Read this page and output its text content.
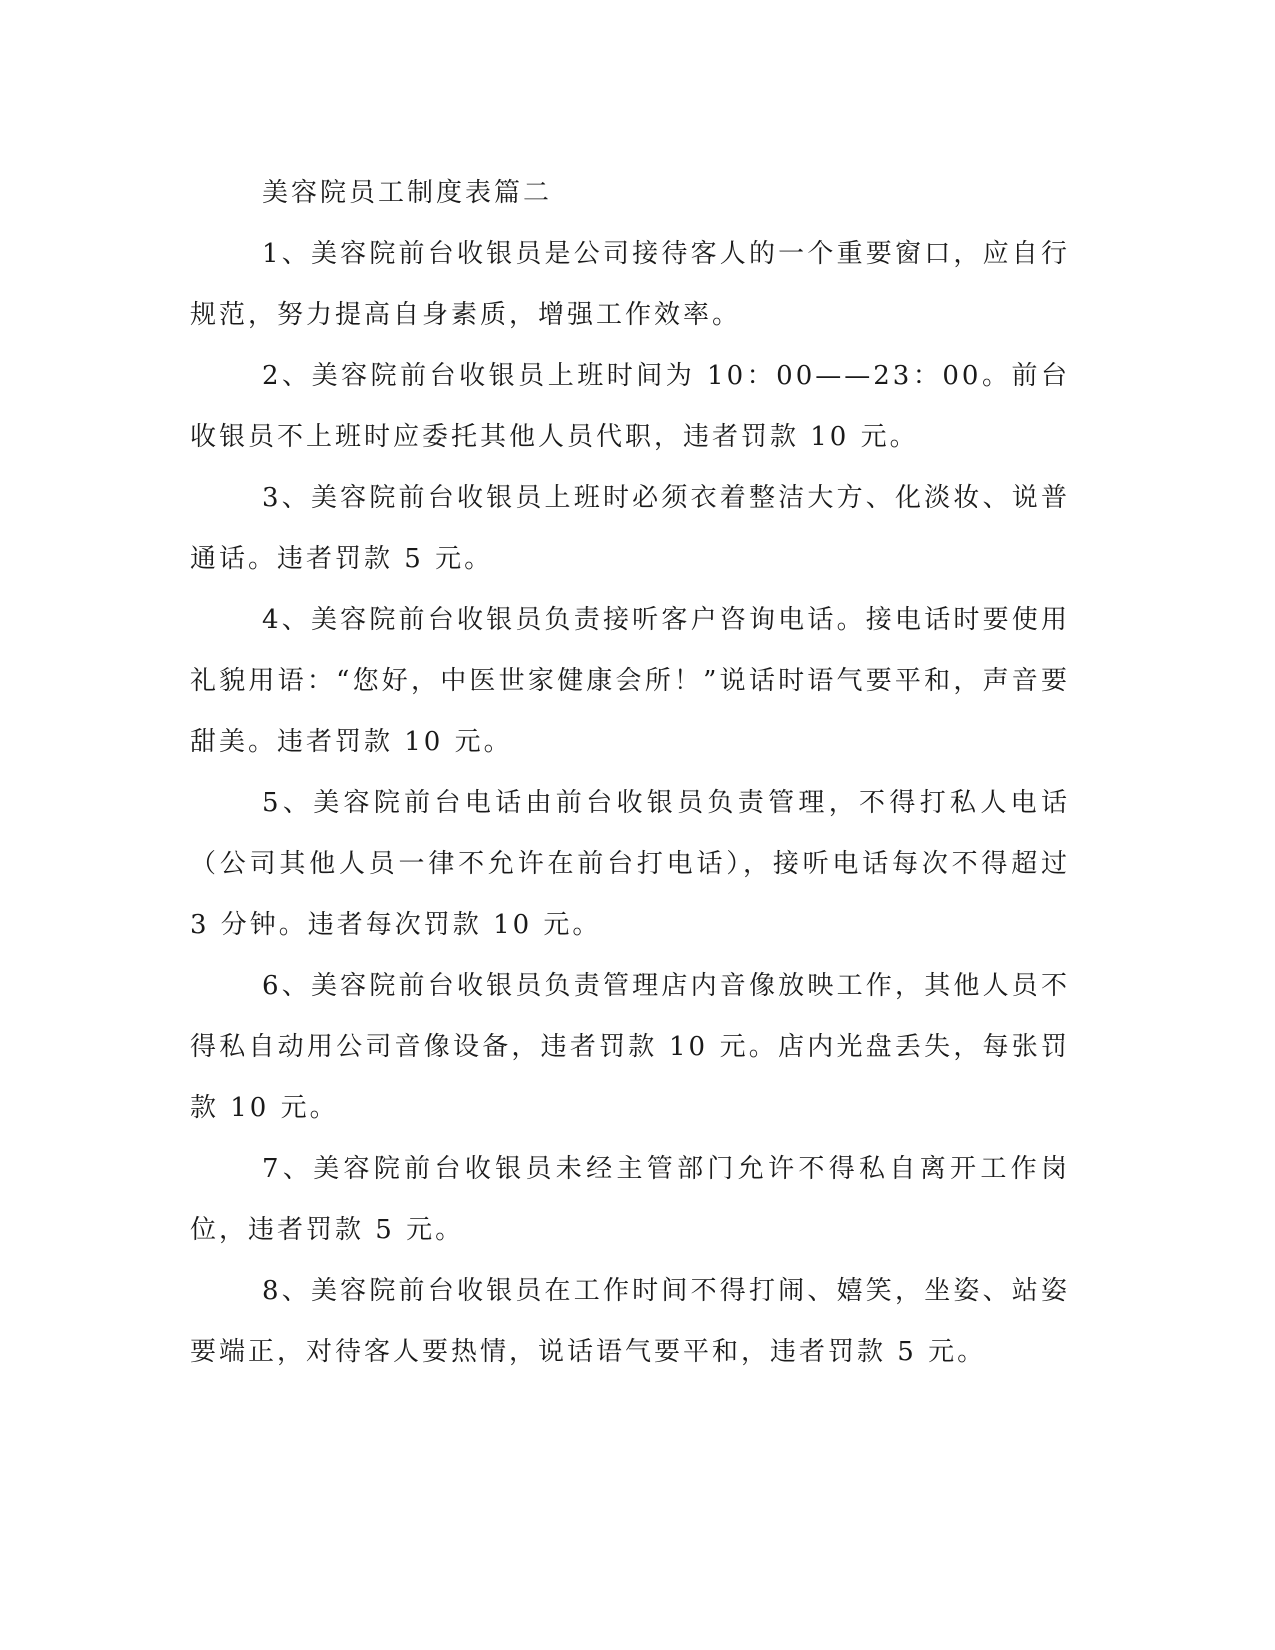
美容院员工制度表篇二

1、美容院前台收银员是公司接待客人的一个重要窗口，应自行规范，努力提高自身素质，增强工作效率。

2、美容院前台收银员上班时间为 10：00——23：00。前台收银员不上班时应委托其他人员代职，违者罚款 10 元。

3、美容院前台收银员上班时必须衣着整洁大方、化淡妆、说普通话。违者罚款 5 元。

4、美容院前台收银员负责接听客户咨询电话。接电话时要使用礼貌用语：“您好，中医世家健康会所！”说话时语气要平和，声音要甜美。违者罚款 10 元。

5、美容院前台电话由前台收银员负责管理，不得打私人电话（公司其他人员一律不允许在前台打电话），接听电话每次不得超过 3 分钟。违者每次罚款 10 元。

6、美容院前台收银员负责管理店内音像放映工作，其他人员不得私自动用公司音像设备，违者罚款 10 元。店内光盘丢失，每张罚款 10 元。

7、美容院前台收银员未经主管部门允许不得私自离开工作岗位，违者罚款 5 元。

8、美容院前台收银员在工作时间不得打闹、嬉笑，坐姿、站姿要端正，对待客人要热情，说话语气要平和，违者罚款 5 元。
